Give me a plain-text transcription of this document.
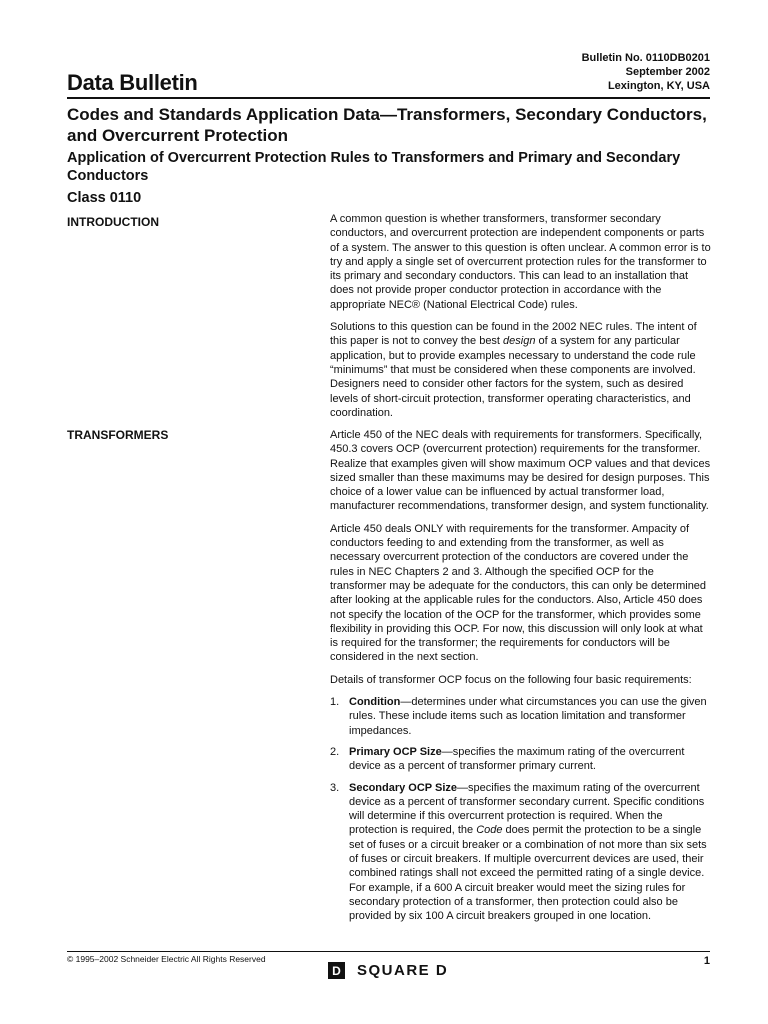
Bulletin No. 0110DB0201
September 2002
Lexington, KY, USA
Data Bulletin
Codes and Standards Application Data—Transformers, Secondary Conductors, and Overcurrent Protection
Application of Overcurrent Protection Rules to Transformers and Primary and Secondary Conductors
Class 0110
INTRODUCTION	A common question is whether transformers, transformer secondary conductors, and overcurrent protection are independent components or parts of a system. The answer to this question is often unclear. A common error is to try and apply a single set of overcurrent protection rules for the transformer to its primary and secondary conductors. This can lead to an installation that does not provide proper conductor protection in accordance with the appropriate NEC® (National Electrical Code) rules.

Solutions to this question can be found in the 2002 NEC rules. The intent of this paper is not to convey the best design of a system for any particular application, but to provide examples necessary to understand the code rule “minimums” that must be considered when these components are involved. Designers need to consider other factors for the system, such as desired levels of short-circuit protection, transformer operating characteristics, and coordination.

TRANSFORMERS	Article 450 of the NEC deals with requirements for transformers. Specifically, 450.3 covers OCP (overcurrent protection) requirements for the transformer. Realize that examples given will show maximum OCP values and that devices sized smaller than these maximums may be desired for design purposes. This choice of a lower value can be influenced by actual transformer load, manufacturer recommendations, transformer design, and system functionality.

Article 450 deals ONLY with requirements for the transformer. Ampacity of conductors feeding to and extending from the transformer, as well as necessary overcurrent protection of the conductors are covered under the rules in NEC Chapters 2 and 3. Although the specified OCP for the transformer may be adequate for the conductors, this can only be determined after looking at the applicable rules for the conductors. Also, Article 450 does not specify the location of the OCP for the transformer, which provides some flexibility in providing this OCP. For now, this discussion will only look at what is required for the transformer; the requirements for conductors will be considered in the next section.

Details of transformer OCP focus on the following four basic requirements:

1. Condition—determines under what circumstances you can use the given rules. These include items such as location limitation and transformer impedances.
2. Primary OCP Size—specifies the maximum rating of the overcurrent device as a percent of transformer primary current.
3. Secondary OCP Size—specifies the maximum rating of the overcurrent device as a percent of transformer secondary current. Specific conditions will determine if this overcurrent protection is required. When the protection is required, the Code does permit the protection to be a single set of fuses or a circuit breaker or a combination of not more than six sets of fuses or circuit breakers. If multiple overcurrent devices are used, their combined ratings shall not exceed the permitted rating of a single device. For example, if a 600 A circuit breaker would meet the sizing rules for secondary protection of a transformer, then protection could also be provided by six 100 A circuit breakers grouped in one location.
© 1995–2002 Schneider Electric All Rights Reserved	1
D SQUARE D
